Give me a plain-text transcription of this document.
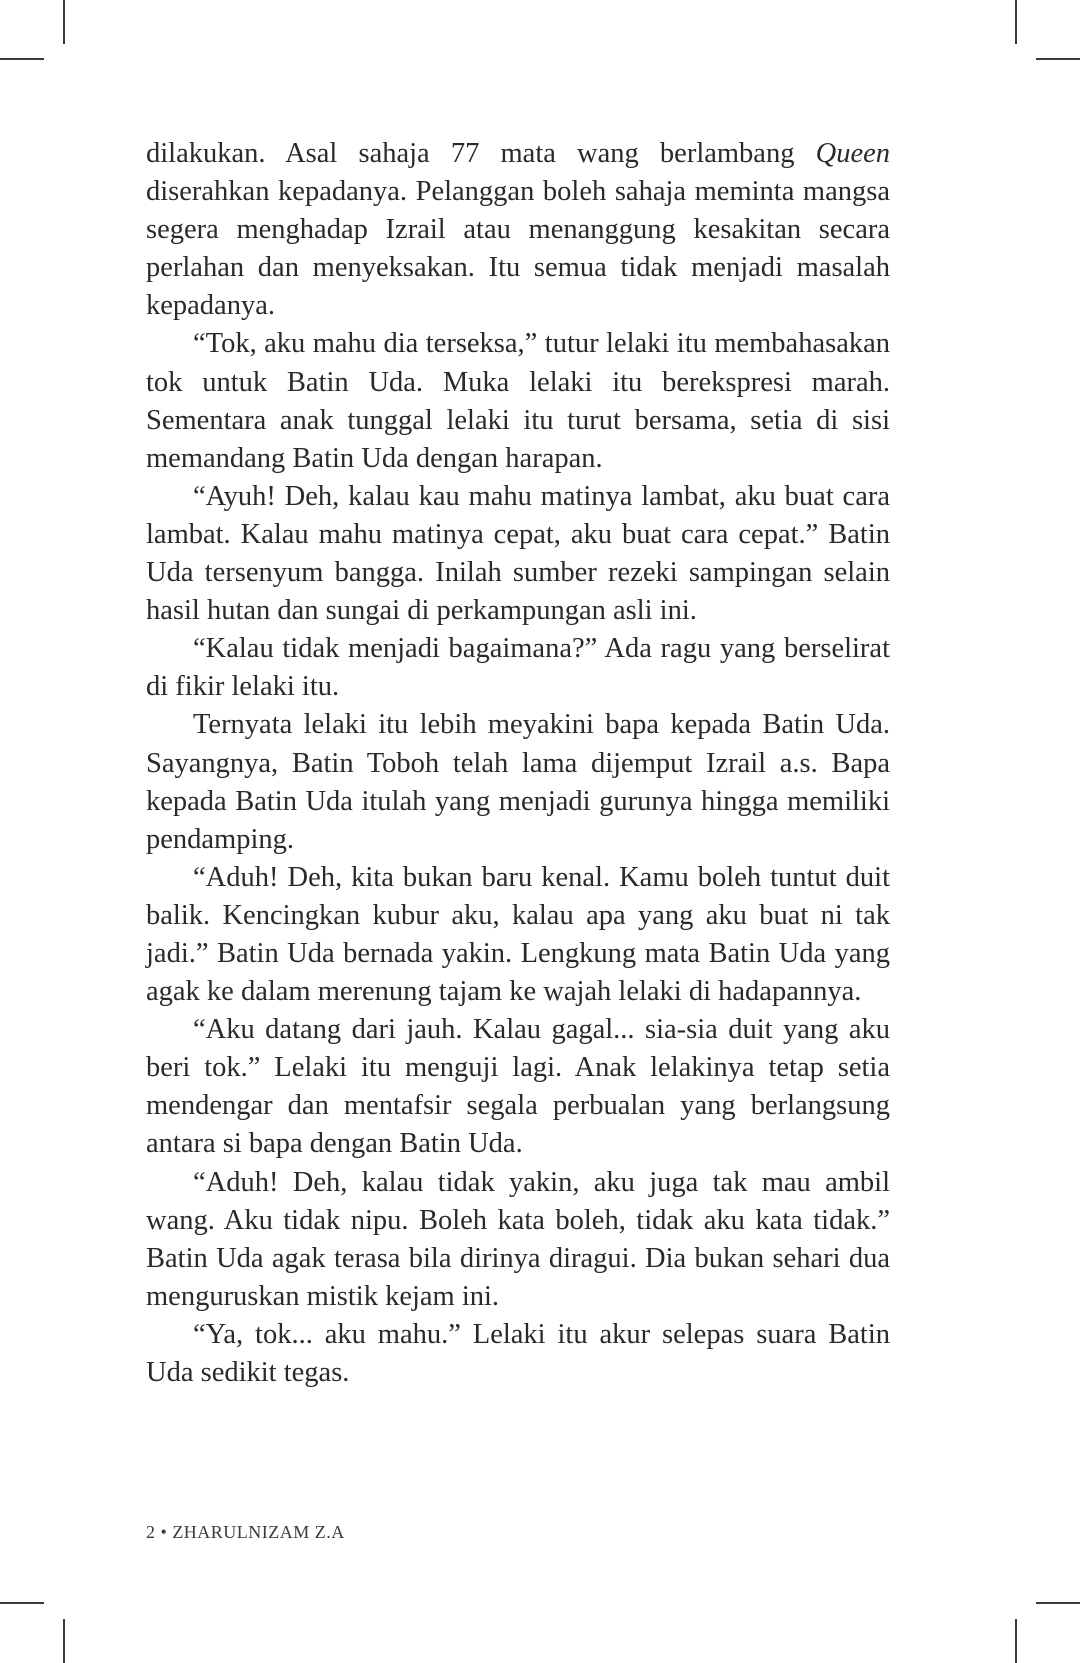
dilakukan. Asal sahaja 77 mata wang berlambang Queen diserahkan kepadanya. Pelanggan boleh sahaja meminta mangsa segera menghadap Izrail atau menanggung kesakitan secara perlahan dan menyeksakan. Itu semua tidak menjadi masalah kepadanya.

“Tok, aku mahu dia terseksa,” tutur lelaki itu membahasakan tok untuk Batin Uda. Muka lelaki itu berekspresi marah. Sementara anak tunggal lelaki itu turut bersama, setia di sisi memandang Batin Uda dengan harapan.

“Ayuh! Deh, kalau kau mahu matinya lambat, aku buat cara lambat. Kalau mahu matinya cepat, aku buat cara cepat.” Batin Uda tersenyum bangga. Inilah sumber rezeki sampingan selain hasil hutan dan sungai di perkampungan asli ini.

“Kalau tidak menjadi bagaimana?” Ada ragu yang berselirat di fikir lelaki itu.

Ternyata lelaki itu lebih meyakini bapa kepada Batin Uda. Sayangnya, Batin Toboh telah lama dijemput Izrail a.s. Bapa kepada Batin Uda itulah yang menjadi gurunya hingga memiliki pendamping.

“Aduh! Deh, kita bukan baru kenal. Kamu boleh tuntut duit balik. Kencingkan kubur aku, kalau apa yang aku buat ni tak jadi.” Batin Uda bernada yakin. Lengkung mata Batin Uda yang agak ke dalam merenung tajam ke wajah lelaki di hadapannya.

“Aku datang dari jauh. Kalau gagal... sia-sia duit yang aku beri tok.” Lelaki itu menguji lagi. Anak lelakinya tetap setia mendengar dan mentafsir segala perbualan yang berlangsung antara si bapa dengan Batin Uda.

“Aduh! Deh, kalau tidak yakin, aku juga tak mau ambil wang. Aku tidak nipu. Boleh kata boleh, tidak aku kata tidak.” Batin Uda agak terasa bila dirinya diragui. Dia bukan sehari dua menguruskan mistik kejam ini.

“Ya, tok... aku mahu.” Lelaki itu akur selepas suara Batin Uda sedikit tegas.

2 • ZHARULNIZAM Z.A
